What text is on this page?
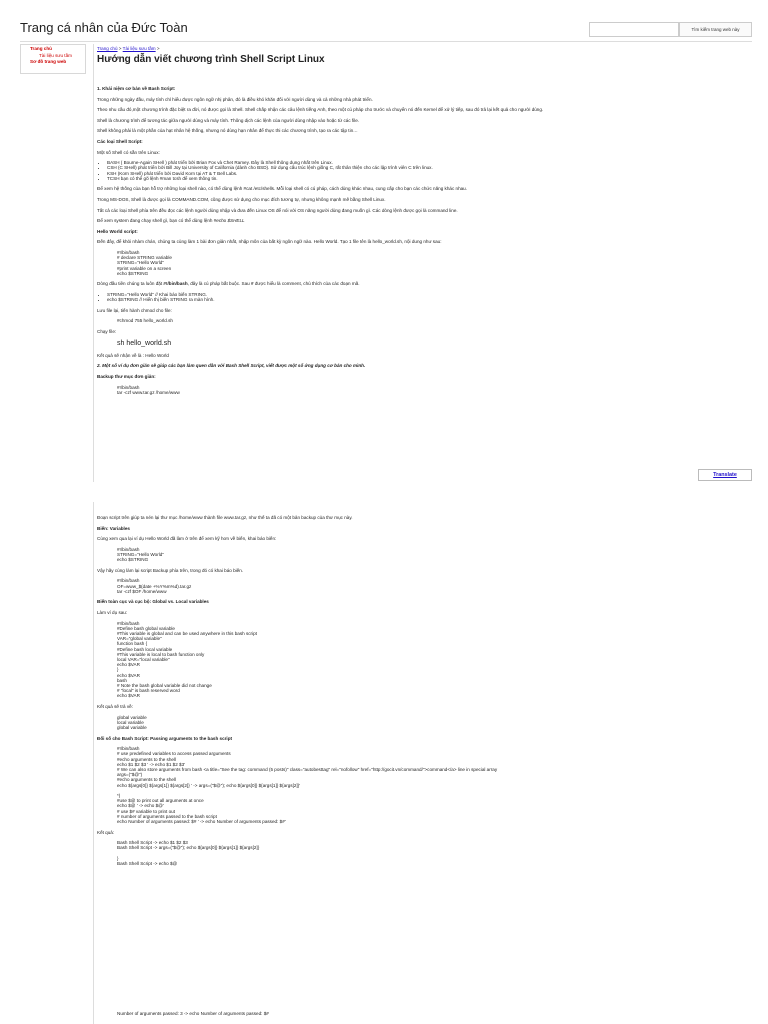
Trang cá nhân của Đức Toàn	Tìm kiếm trang web này
Trang chủ
Tài liệu sưu tầm
Sơ đồ trang web
Trang chủ > Tài liệu sưu tầm >
Hướng dẫn viết chương trình Shell Script Linux

1. Khái niệm cơ bản về Bash Script:

Trong những ngày đầu, máy tính chỉ hiểu được ngôn ngữ nhị phân, đó là điều khó khăn đối với người dùng và cả những nhà phát triển.

Theo nhu cầu đó,một chương trình đặc biệt ra đời, nó được gọi là Shell. Shell chấp nhận các câu lệnh tiếng Anh, theo một cú pháp cho trước và chuyển nó đến Kernel để xử lý tiếp, sau đó trả lại kết quả cho người dùng.

Shell là chương trình để tương tác giữa người dùng và máy tính. Thông dịch các lệnh của người dùng nhập vào hoặc từ các file.

Shell không phải là một phần của hạt nhân hệ thống, nhưng nó dùng hạn nhân để thực thi các chương trình, tạo ra các tập tin…

Các loại Shell Script:

Một số Shell có sẵn trên Linux:

• BASH ( Bourne-Again SHell ) phát triển bởi Brian Fox và Chet Ramey. Đây là Shell thông dụng nhất trên Linux.
• CSH (C SHell) phát triển bởi Bill Joy tại University of California (dành cho BSD). Sử dụng cấu trúc lệnh giống C, rất thân thiện cho các lập trình viên C trên linux.
• KSH (Korn SHell) phát triển bởi David Korn tại AT & T Bell Labs.
• TCSH bạn có thể gõ lệnh #man tcsh để xem thông tin.

Để xem hệ thống của bạn hỗ trợ những loại shell nào, có thể dùng lệnh #cat /etc/shells. Mỗi loại shell có cú pháp, cách dùng khác nhau, cung cấp cho bạn các chức năng khác nhau.

Trong MS-DOS, Shell là được gọi là COMMAND.COM, cũng được sử dụng cho mục đích tương tự, nhưng không mạnh mẽ bằng Shell Linux.

Tất cả các loại Shell phía trên đều đọc các lệnh người dùng nhập và đưa đến Linux OS để nói với OS năng người dùng đang muốn gì. Các dòng lệnh được gọi là command line.

Để xem system đang chạy shell gì, bạn có thể dùng lệnh #echo $SHELL

Hello World script:

Đến đây, để khỏi nhàm chán, chúng ta cùng làm 1 bài đơn giản nhất, nhập môn của bất kỳ ngôn ngữ nào. Hello World. Tạo 1 file tên là hello_world.sh, nội dung như sau:

#!/bin/bash
# declare STRING variable
STRING="Hello World"
#print variable on a screen
echo $STRING

Dòng đầu tiên chúng ta luôn đặt #!/bin/bash, đây là cú pháp bắt buộc. Sau # được hiểu là comment, chú thích của các đoạn mã.

• STRING="Hello World" // Khai báo biến STRING.
• echo $STRING // Hiển thị biến STRING ra màn hình.

Lưu file lại, tiến hành chmod cho file:

#chmod 755 hello_world.sh

Chạy file:

sh hello_world.sh

Kết quả sẽ nhận về là : Hello World

2. Một số ví dụ đơn giản sẽ giúp các bạn làm quen dần với Bash Shell Script, viết được một số ứng dụng cơ bản cho mình.

Backup thư mục đơn giản:

#!/bin/bash
tar -czf www.tar.gz /home/www
Translate

Đoạn script trên giúp ta nén lại thư mục /home/www thành file www.tar.gz, như thế ta đã có một bản backup của thư mục này.

Biến: Variables

Cùng xem qua lại ví dụ Hello World đã làm ở trên để xem kỹ hơn về biến, khai báo biến:

#!/bin/bash
STRING="Hello World"
echo $STRING

Vậy hãy cùng làm lại script Backup phía trên, trong đó có khai báo biến.

#!/bin/bash
OF=www_$(date +%Y%m%d).tar.gz
tar -czf $OF /home/www

Biến toàn cục và cục bộ: Global vs. Local variables

Làm ví dụ sau:

#!/bin/bash
#Define bash global variable
#This variable is global and can be used anywhere in this bash script
VAR="global variable"
function bash {
#Define bash local variable
#This variable is local to bash function only
local VAR="local variable"
echo $VAR
}
echo $VAR
bash
# Note the bash global variable did not change
# "local" is bash reserved word
echo $VAR

Kết quả sẽ trả về:

global variable
local variable
global variable

Đối số cho Bash Script: Passing arguments to the bash script

#!/bin/bash
# use predefined variables to access passed arguments
#echo arguments to the shell
echo $1 $2 $3 ' -> echo $1 $2 $3'
# We can also store arguments from bash <a title="See the tag: command (5 posts)" class="autobesttag" rel="nofollow" href="http://gocit.vn/command/">command</a> line in special array
args=("$@")
#echo arguments to the shell
echo ${args[0]} ${args[1]} ${args[2]} ' -> args=("$@"); echo ${args[0]} ${args[1]} ${args[2]}'

*)
#use $@ to print out all arguments at once
echo $@ ' -> echo $@'
# use $# variable to print out
# number of arguments passed to the bash script
echo Number of arguments passed: $# ' -> echo Number of arguments passed: $#'

Kết quả:

Bash Shell Script -> echo $1 $2 $3
Bash Shell Script -> args=("$@"); echo ${args[0]} ${args[1]} ${args[2]}

}
Bash Shell Script -> echo $@
Number of arguments passed: 3 -> echo Number of arguments passed: $#
